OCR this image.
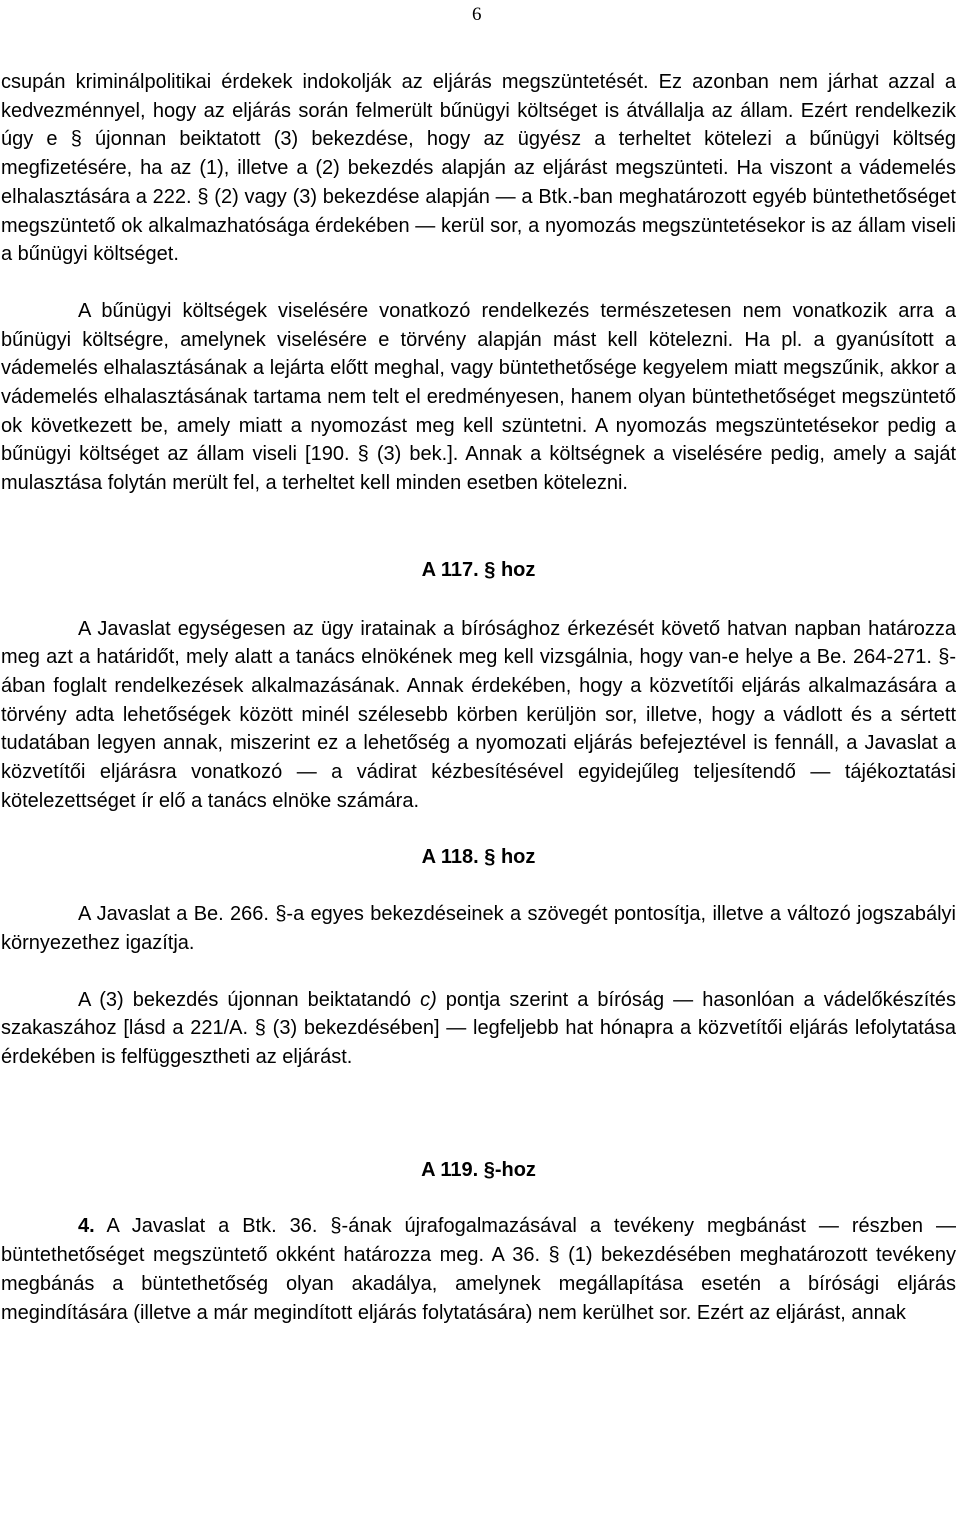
6

csupán kriminálpolitikai érdekek indokolják az eljárás megszüntetését. Ez azonban nem járhat azzal a kedvezménnyel, hogy az eljárás során felmerült bűnügyi költséget is átvállalja az állam. Ezért rendelkezik úgy e § újonnan beiktatott (3) bekezdése, hogy az ügyész a terheltet kötelezi a bűnügyi költség megfizetésére, ha az (1), illetve a (2) bekezdés alapján az eljárást megszünteti. Ha viszont a vádemelés elhalasztására a 222. § (2) vagy (3) bekezdése alapján — a Btk.-ban meghatározott egyéb büntethetőséget megszüntető ok alkalmazhatósága érdekében — kerül sor, a nyomozás megszüntetésekor is az állam viseli a bűnügyi költséget.

A bűnügyi költségek viselésére vonatkozó rendelkezés természetesen nem vonatkozik arra a bűnügyi költségre, amelynek viselésére e törvény alapján mást kell kötelezni. Ha pl. a gyanúsított a vádemelés elhalasztásának a lejárta előtt meghal, vagy büntethetősége kegyelem miatt megszűnik, akkor a vádemelés elhalasztásának tartama nem telt el eredményesen, hanem olyan büntethetőséget megszüntető ok következett be, amely miatt a nyomozást meg kell szüntetni. A nyomozás megszüntetésekor pedig a bűnügyi költséget az állam viseli [190. § (3) bek.]. Annak a költségnek a viselésére pedig, amely a saját mulasztása folytán merült fel, a terheltet kell minden esetben kötelezni.

A 117. § hoz

A Javaslat egységesen az ügy iratainak a bírósághoz érkezését követő hatvan napban határozza meg azt a határidőt, mely alatt a tanács elnökének meg kell vizsgálnia, hogy van-e helye a Be. 264-271. §-ában foglalt rendelkezések alkalmazásának. Annak érdekében, hogy a közvetítői eljárás alkalmazására a törvény adta lehetőségek között minél szélesebb körben kerüljön sor, illetve, hogy a vádlott és a sértett tudatában legyen annak, miszerint ez a lehetőség a nyomozati eljárás befejeztével is fennáll, a Javaslat a közvetítői eljárásra vonatkozó — a vádirat kézbesítésével egyidejűleg teljesítendő — tájékoztatási kötelezettséget ír elő a tanács elnöke számára.

A 118. § hoz

A Javaslat a Be. 266. §-a egyes bekezdéseinek a szövegét pontosítja, illetve a változó jogszabályi környezethez igazítja.

A (3) bekezdés újonnan beiktatandó c) pontja szerint a bíróság — hasonlóan a vádelőkészítés szakaszához [lásd a 221/A. § (3) bekezdésében] — legfeljebb hat hónapra a közvetítői eljárás lefolytatása érdekében is felfüggesztheti az eljárást.

A 119. §-hoz

4. A Javaslat a Btk. 36. §-ának újrafogalmazásával a tevékeny megbánást — részben — büntethetőséget megszüntető okként határozza meg. A 36. § (1) bekezdésében meghatározott tevékeny megbánás a büntethetőség olyan akadálya, amelynek megállapítása esetén a bírósági eljárás megindítására (illetve a már megindított eljárás folytatására) nem kerülhet sor. Ezért az eljárást, annak
